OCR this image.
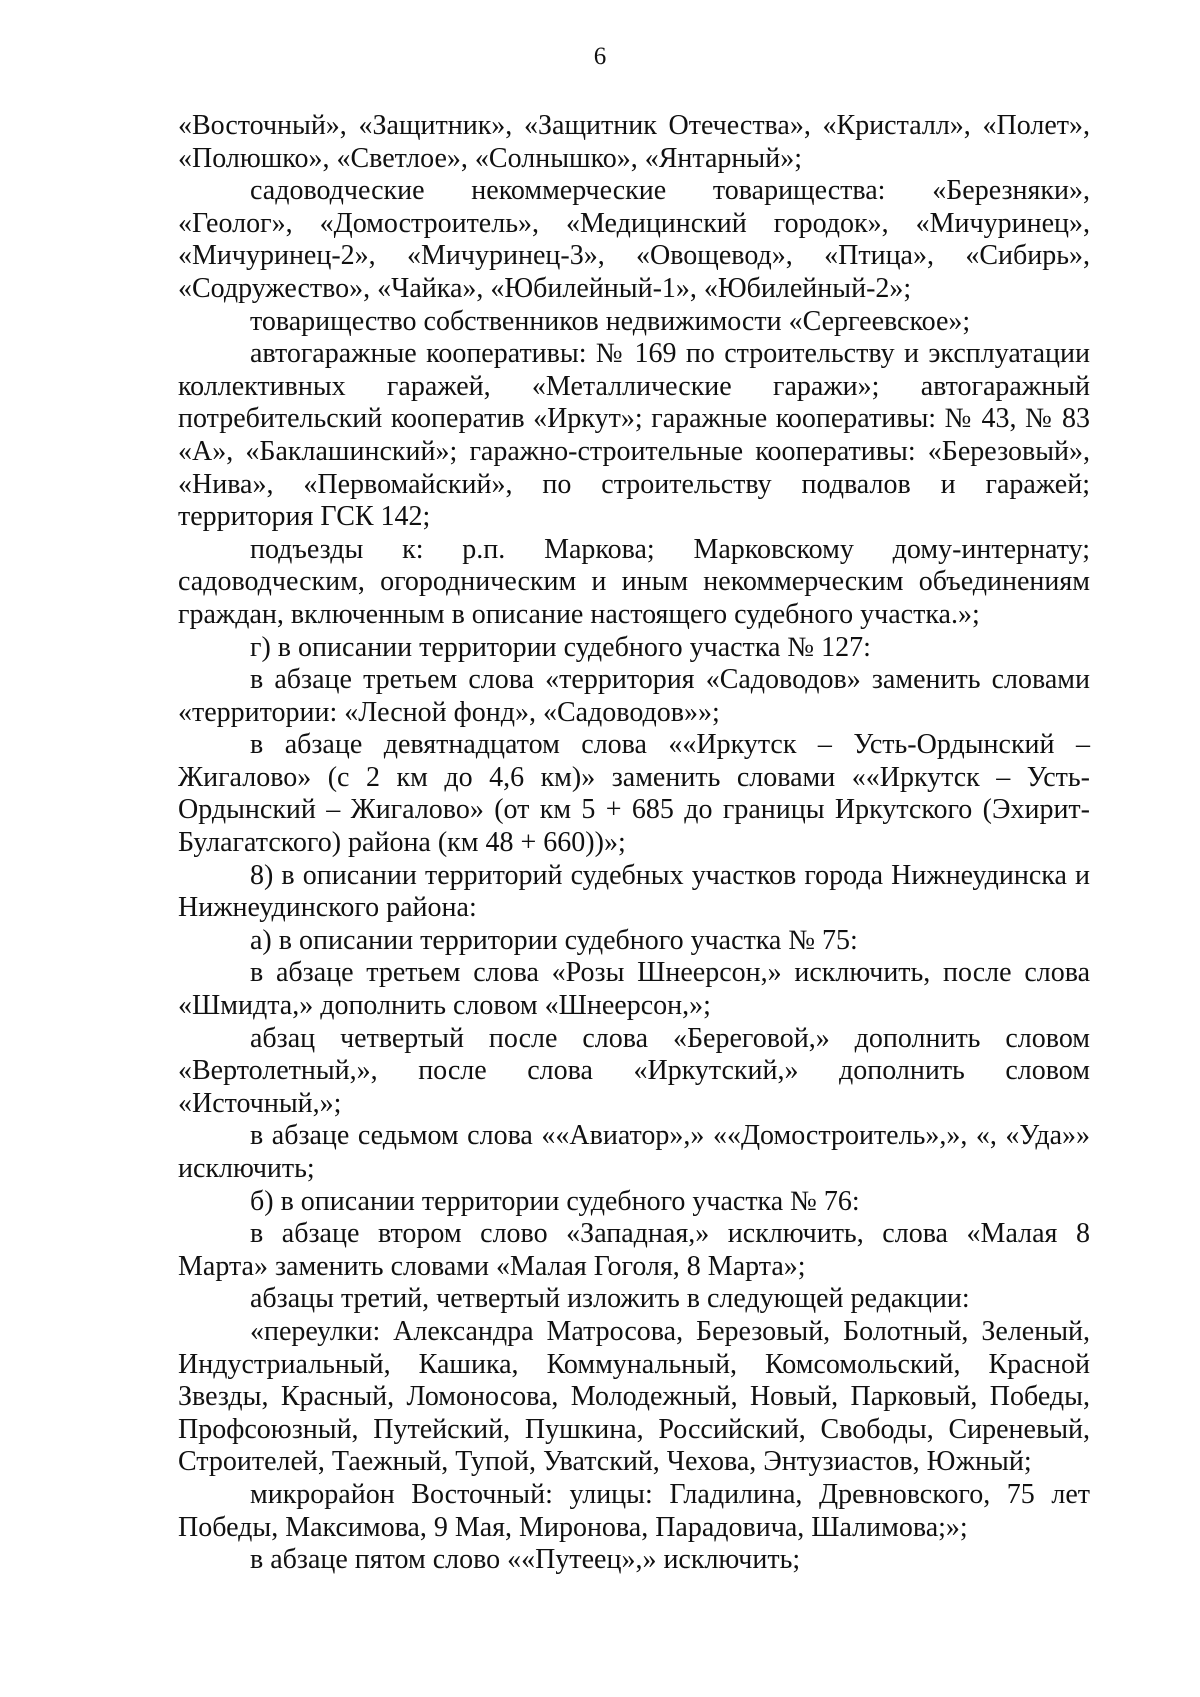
6

«Восточный», «Защитник», «Защитник Отечества», «Кристалл», «Полет», «Полюшко», «Светлое», «Солнышко», «Янтарный»;

садоводческие некоммерческие товарищества: «Березняки», «Геолог», «Домостроитель», «Медицинский городок», «Мичуринец», «Мичуринец-2», «Мичуринец-3», «Овощевод», «Птица», «Сибирь», «Содружество», «Чайка», «Юбилейный-1», «Юбилейный-2»;

товарищество собственников недвижимости «Сергеевское»;

автогаражные кооперативы: № 169 по строительству и эксплуатации коллективных гаражей, «Металлические гаражи»; автогаражный потребительский кооператив «Иркут»; гаражные кооперативы: № 43, № 83 «А», «Баклашинский»; гаражно-строительные кооперативы: «Березовый», «Нива», «Первомайский», по строительству подвалов и гаражей; территория ГСК 142;

подъезды к: р.п. Маркова; Марковскому дому-интернату; садоводческим, огородническим и иным некоммерческим объединениям граждан, включенным в описание настоящего судебного участка.»;

г) в описании территории судебного участка № 127:

в абзаце третьем слова «территория «Садоводов» заменить словами «территории: «Лесной фонд», «Садоводов»»;

в абзаце девятнадцатом слова ««Иркутск – Усть-Ордынский – Жигалово» (с 2 км до 4,6 км)» заменить словами ««Иркутск – Усть-Ордынский – Жигалово» (от км 5 + 685 до границы Иркутского (Эхирит-Булагатского) района (км 48 + 660))»;

8) в описании территорий судебных участков города Нижнеудинска и Нижнеудинского района:

а) в описании территории судебного участка № 75:

в абзаце третьем слова «Розы Шнеерсон,» исключить, после слова «Шмидта,» дополнить словом «Шнеерсон,»;

абзац четвертый после слова «Береговой,» дополнить словом «Вертолетный,», после слова «Иркутский,» дополнить словом «Источный,»;

в абзаце седьмом слова ««Авиатор»,» ««Домостроитель»,», «, «Уда»» исключить;

б) в описании территории судебного участка № 76:

в абзаце втором слово «Западная,» исключить, слова «Малая 8 Марта» заменить словами «Малая Гоголя, 8 Марта»;

абзацы третий, четвертый изложить в следующей редакции:

«переулки: Александра Матросова, Березовый, Болотный, Зеленый, Индустриальный, Кашика, Коммунальный, Комсомольский, Красной Звезды, Красный, Ломоносова, Молодежный, Новый, Парковый, Победы, Профсоюзный, Путейский, Пушкина, Российский, Свободы, Сиреневый, Строителей, Таежный, Тупой, Уватский, Чехова, Энтузиастов, Южный;

микрорайон Восточный: улицы: Гладилина, Древновского, 75 лет Победы, Максимова, 9 Мая, Миронова, Парадовича, Шалимова;»;

в абзаце пятом слово ««Путеец»,» исключить;
